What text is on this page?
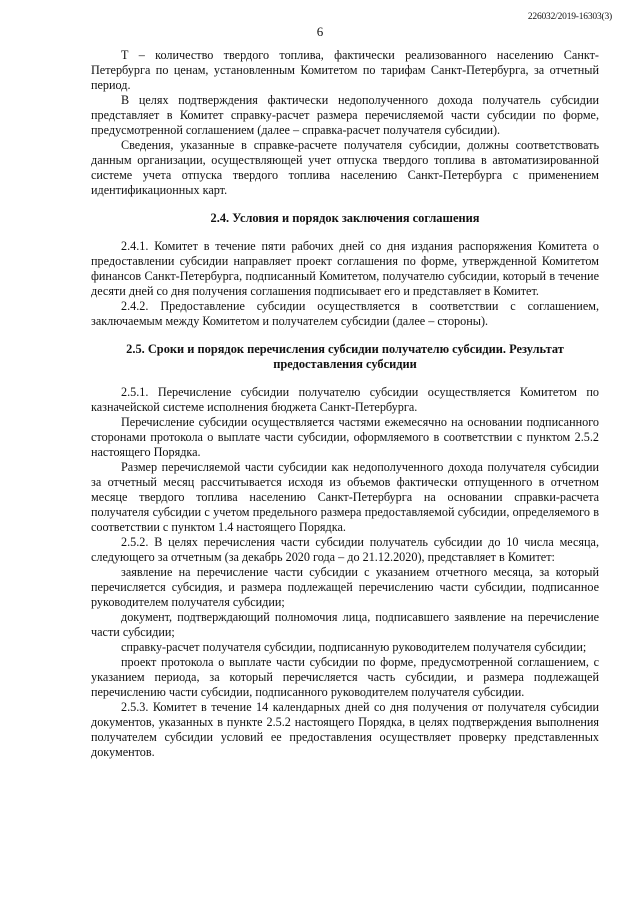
6
226032/2019-16303(3)

Т – количество твердого топлива, фактически реализованного населению Санкт-Петербурга по ценам, установленным Комитетом по тарифам Санкт-Петербурга, за отчетный период.

В целях подтверждения фактически недополученного дохода получатель субсидии представляет в Комитет справку-расчет размера перечисляемой части субсидии по форме, предусмотренной соглашением (далее – справка-расчет получателя субсидии).

Сведения, указанные в справке-расчете получателя субсидии, должны соответствовать данным организации, осуществляющей учет отпуска твердого топлива в автоматизированной системе учета отпуска твердого топлива населению Санкт-Петербурга с применением идентификационных карт.

2.4. Условия и порядок заключения соглашения

2.4.1. Комитет в течение пяти рабочих дней со дня издания распоряжения Комитета о предоставлении субсидии направляет проект соглашения по форме, утвержденной Комитетом финансов Санкт-Петербурга, подписанный Комитетом, получателю субсидии, который в течение десяти дней со дня получения соглашения подписывает его и представляет в Комитет.

2.4.2. Предоставление субсидии осуществляется в соответствии с соглашением, заключаемым между Комитетом и получателем субсидии (далее – стороны).

2.5. Сроки и порядок перечисления субсидии получателю субсидии. Результат
предоставления субсидии

2.5.1. Перечисление субсидии получателю субсидии осуществляется Комитетом по казначейской системе исполнения бюджета Санкт-Петербурга.

Перечисление субсидии осуществляется частями ежемесячно на основании подписанного сторонами протокола о выплате части субсидии, оформляемого в соответствии с пунктом 2.5.2 настоящего Порядка.

Размер перечисляемой части субсидии как недополученного дохода получателя субсидии за отчетный месяц рассчитывается исходя из объемов фактически отпущенного в отчетном месяце твердого топлива населению Санкт-Петербурга на основании справки-расчета получателя субсидии с учетом предельного размера предоставляемой субсидии, определяемого в соответствии с пунктом 1.4 настоящего Порядка.

2.5.2. В целях перечисления части субсидии получатель субсидии до 10 числа месяца, следующего за отчетным (за декабрь 2020 года – до 21.12.2020), представляет в Комитет:

заявление на перечисление части субсидии с указанием отчетного месяца, за который перечисляется субсидия, и размера подлежащей перечислению части субсидии, подписанное руководителем получателя субсидии;

документ, подтверждающий полномочия лица, подписавшего заявление на перечисление части субсидии;

справку-расчет получателя субсидии, подписанную руководителем получателя субсидии;

проект протокола о выплате части субсидии по форме, предусмотренной соглашением, с указанием периода, за который перечисляется часть субсидии, и размера подлежащей перечислению части субсидии, подписанного руководителем получателя субсидии.

2.5.3. Комитет в течение 14 календарных дней со дня получения от получателя субсидии документов, указанных в пункте 2.5.2 настоящего Порядка, в целях подтверждения выполнения получателем субсидии условий ее предоставления осуществляет проверку представленных документов.
